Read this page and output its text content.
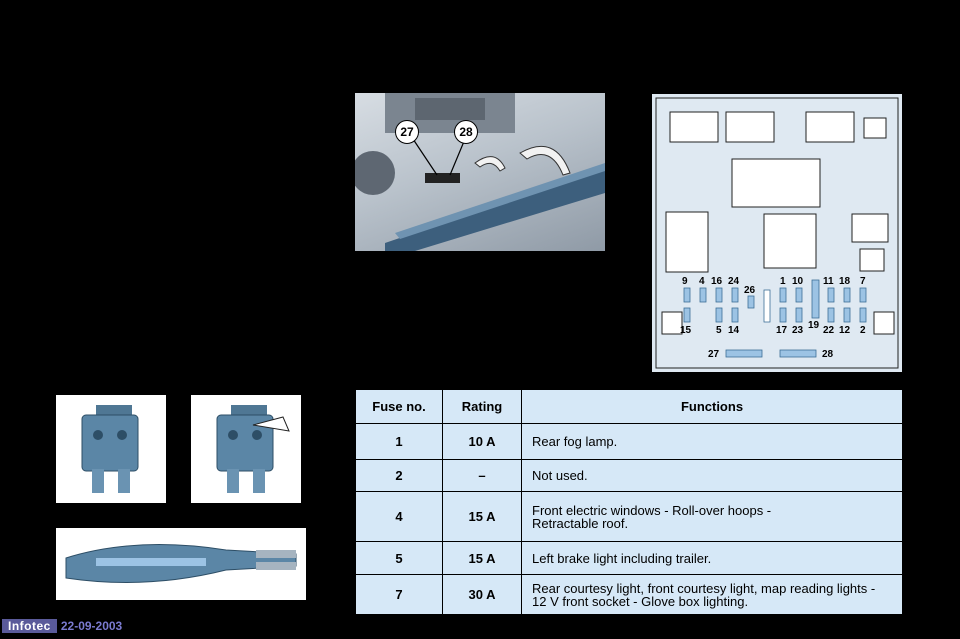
27	28
9 4 16 24	1 10 11 18 7
26
15 5 14	17 23 19 22 12 2
27	28
Fuse no.	Rating	Functions
1	10 A	Rear fog lamp.
2	–	Not used.
4	15 A	Front electric windows - Roll-over hoops - Retractable roof.
5	15 A	Left brake light including trailer.
7	30 A	Rear courtesy light, front courtesy light, map reading lights - 12 V front socket - Glove box lighting.
Infotec 22-09-2003
